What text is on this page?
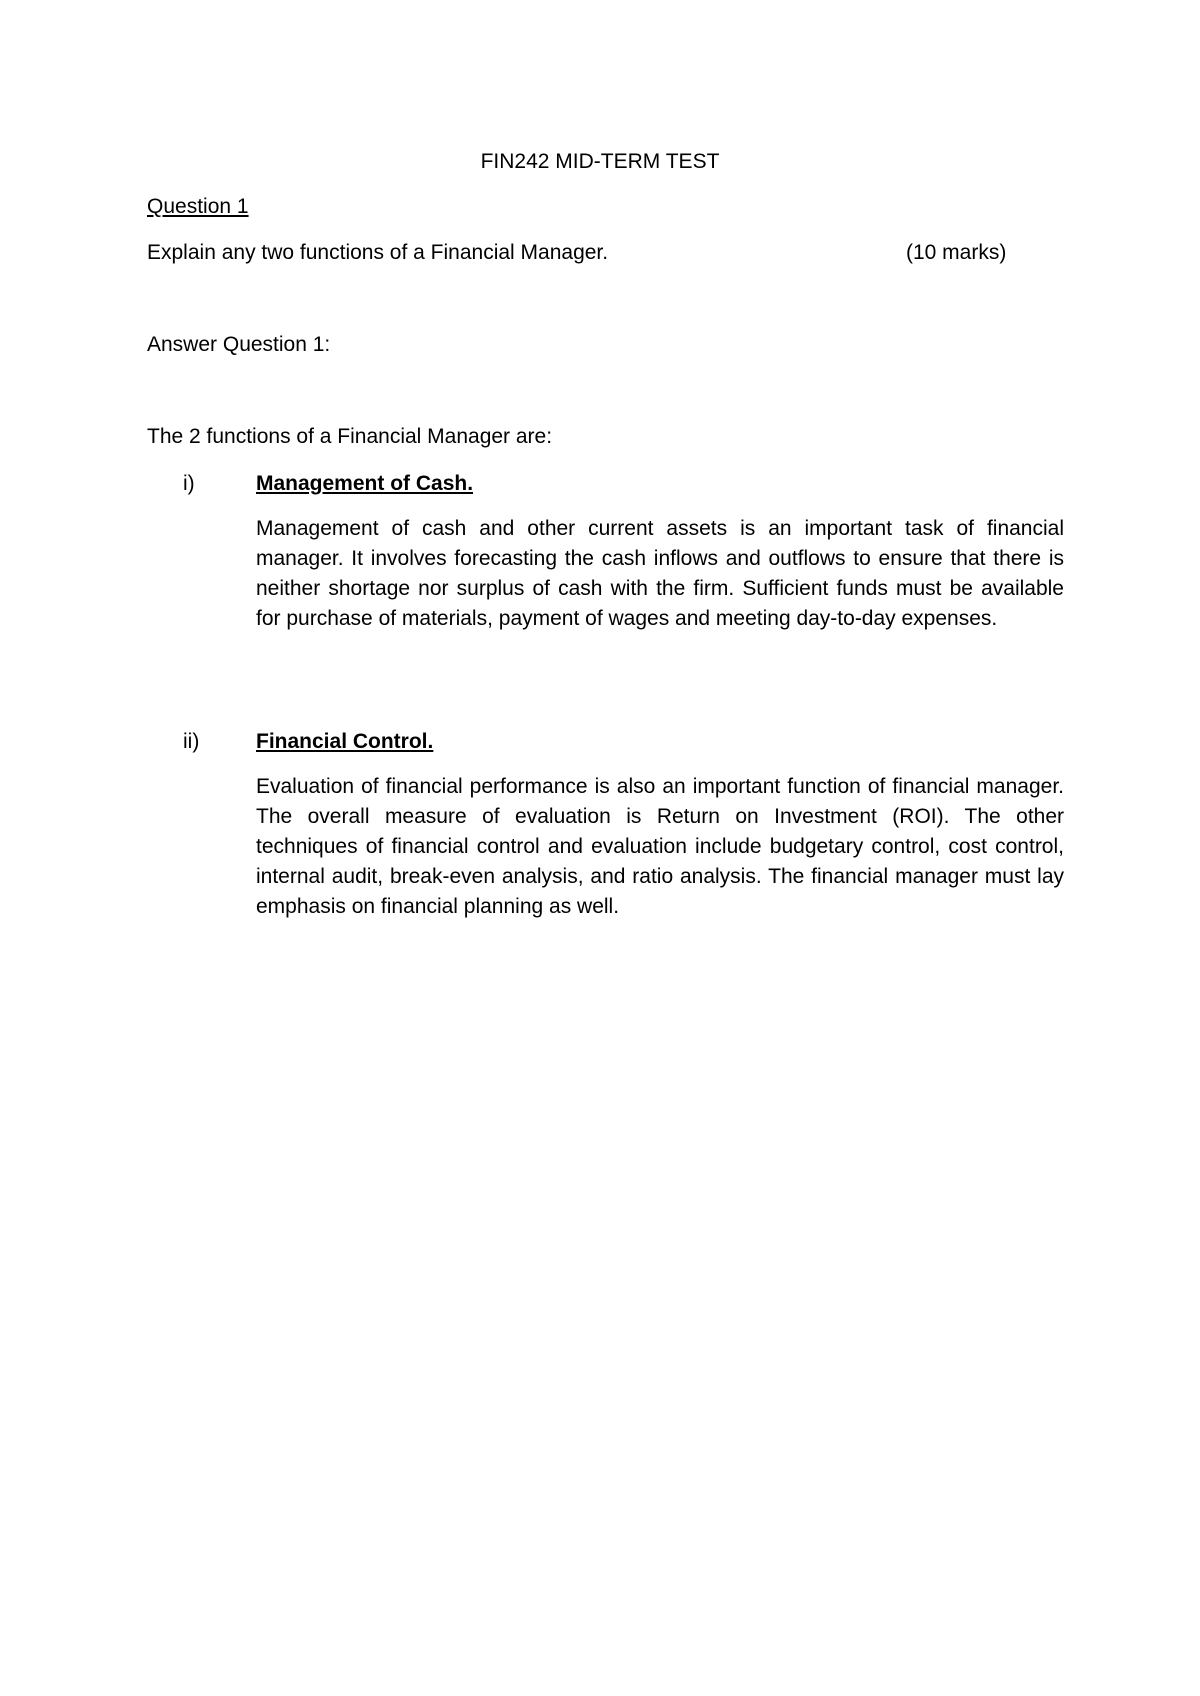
FIN242 MID-TERM TEST
Question 1
Explain any two functions of a Financial Manager.	(10 marks)
Answer Question 1:
The 2 functions of a Financial Manager are:
i)	Management of Cash.
Management of cash and other current assets is an important task of financial manager. It involves forecasting the cash inflows and outflows to ensure that there is neither shortage nor surplus of cash with the firm. Sufficient funds must be available for purchase of materials, payment of wages and meeting day-to-day expenses.
ii)	Financial Control.
Evaluation of financial performance is also an important function of financial manager. The overall measure of evaluation is Return on Investment (ROI). The other techniques of financial control and evaluation include budgetary control, cost control, internal audit, break-even analysis, and ratio analysis. The financial manager must lay emphasis on financial planning as well.
